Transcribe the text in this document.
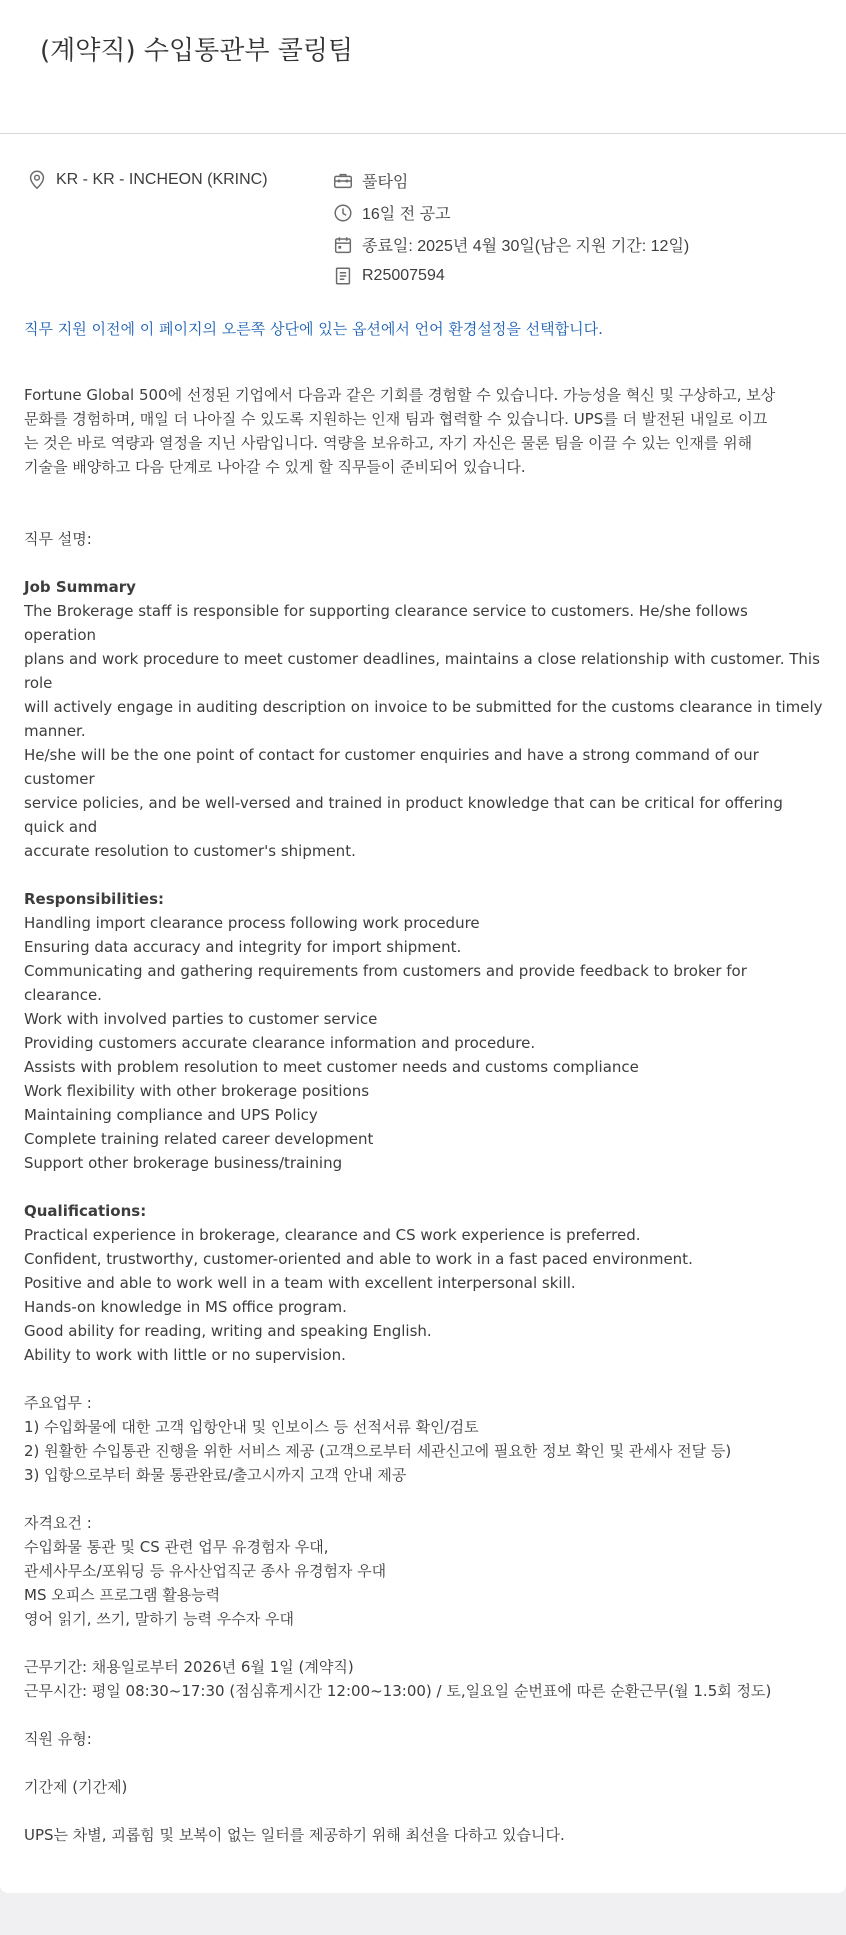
(계약직) 수입통관부 콜링팀
KR - KR - INCHEON (KRINC)	풀타임
16일 전 공고
종료일: 2025년 4월 30일(남은 지원 기간: 12일)
R25007594
직무 지원 이전에 이 페이지의 오른쪽 상단에 있는 옵션에서 언어 환경설정을 선택합니다.

Fortune Global 500에 선정된 기업에서 다음과 같은 기회를 경험할 수 있습니다. 가능성을 혁신 및 구상하고, 보상

문화를 경험하며, 매일 더 나아질 수 있도록 지원하는 인재 팀과 협력할 수 있습니다. UPS를 더 발전된 내일로 이끄

는 것은 바로 역량과 열정을 지닌 사람입니다. 역량을 보유하고, 자기 자신은 물론 팀을 이끌 수 있는 인재를 위해

기술을 배양하고 다음 단계로 나아갈 수 있게 할 직무들이 준비되어 있습니다.

직무 설명:

Job Summary

The Brokerage staff is responsible for supporting clearance service to customers. He/she follows operation

plans and work procedure to meet customer deadlines, maintains a close relationship with customer. This role

will actively engage in auditing description on invoice to be submitted for the customs clearance in timely

manner.

He/she will be the one point of contact for customer enquiries and have a strong command of our customer

service policies, and be well-versed and trained in product knowledge that can be critical for offering quick and

accurate resolution to customer's shipment.

Responsibilities:

Handling import clearance process following work procedure

Ensuring data accuracy and integrity for import shipment.

Communicating and gathering requirements from customers and provide feedback to broker for clearance.

Work with involved parties to customer service

Providing customers accurate clearance information and procedure.

Assists with problem resolution to meet customer needs and customs compliance

Work flexibility with other brokerage positions

Maintaining compliance and UPS Policy

Complete training related career development

Support other brokerage business/training

Qualifications:

Practical experience in brokerage, clearance and CS work experience is preferred.

Confident, trustworthy, customer-oriented and able to work in a fast paced environment.

Positive and able to work well in a team with excellent interpersonal skill.

Hands-on knowledge in MS office program.

Good ability for reading, writing and speaking English.

Ability to work with little or no supervision.

주요업무 :

1) 수입화물에 대한 고객 입항안내 및 인보이스 등 선적서류 확인/검토

2) 원활한 수입통관 진행을 위한 서비스 제공 (고객으로부터 세관신고에 필요한 정보 확인 및 관세사 전달 등)

3) 입항으로부터 화물 통관완료/출고시까지 고객 안내 제공

자격요건 :

수입화물 통관 및 CS 관련 업무 유경험자 우대,

관세사무소/포워딩 등 유사산업직군 종사 유경험자 우대

MS 오피스 프로그램 활용능력

영어 읽기, 쓰기, 말하기 능력 우수자 우대

근무기간: 채용일로부터 2026년 6월 1일 (계약직)

근무시간: 평일 08:30~17:30 (점심휴게시간 12:00~13:00) / 토,일요일 순번표에 따른 순환근무(월 1.5회 정도)

직원 유형:

기간제 (기간제)

UPS는 차별, 괴롭힘 및 보복이 없는 일터를 제공하기 위해 최선을 다하고 있습니다.
